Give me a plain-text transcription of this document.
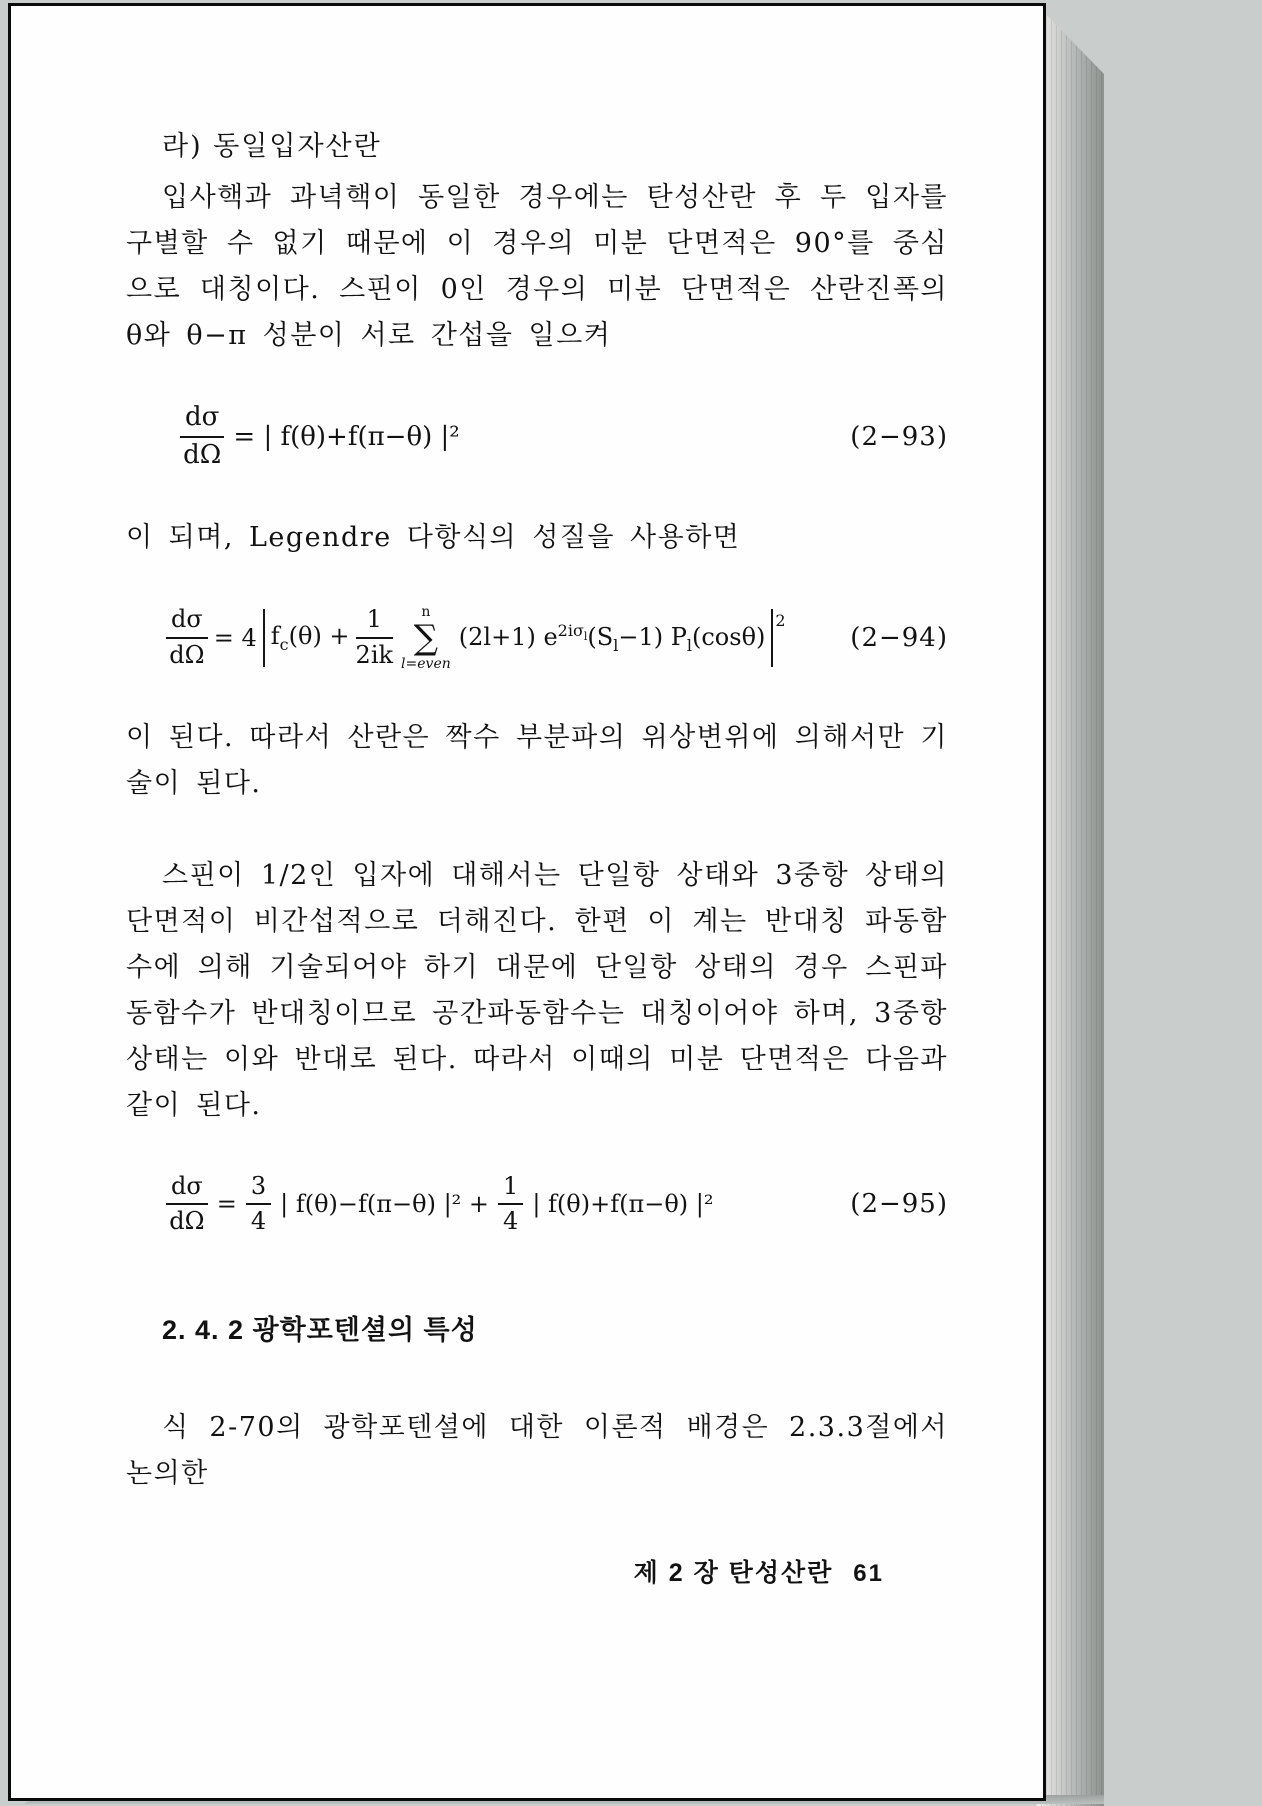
라) 동일입자산란

입사핵과 과녁핵이 동일한 경우에는 탄성산란 후 두 입자를 구별할 수 없기 때문에 이 경우의 미분 단면적은 90°를 중심으로 대칭이다. 스핀이 0인 경우의 미분 단면적은 산란진폭의 θ와 θ−π 성분이 서로 간섭을 일으켜

$\frac{d\sigma}{d\Omega}$ = | f(θ)+f(π−θ) |²	(2−93)

이 되며, Legendre 다항식의 성질을 사용하면

$\frac{d\sigma}{d\Omega} = 4$ $f_c(\theta) + \frac{1}{2ik}$ n
∑
l=even
(2l+1) $e^{2i\sigma_l}(S_l-1)$ $P_l(\cos\theta)$
2
(2−94)

이 된다. 따라서 산란은 짝수 부분파의 위상변위에 의해서만 기술이 된다.

스핀이 1/2인 입자에 대해서는 단일항 상태와 3중항 상태의 단면적이 비간섭적으로 더해진다. 한편 이 계는 반대칭 파동함수에 의해 기술되어야 하기 대문에 단일항 상태의 경우 스핀파동함수가 반대칭이므로 공간파동함수는 대칭이어야 하며, 3중항 상태는 이와 반대로 된다. 따라서 이때의 미분 단면적은 다음과 같이 된다.

$\frac{d\sigma}{d\Omega} = \frac{3}{4}$ | f(θ)−f(π−θ) $|^2 + \frac{1}{4}$ | f(θ)+f(π−θ) |²	(2−95)
2. 4. 2 광학포텐셜의 특성

식 2-70의 광학포텐셜에 대한 이론적 배경은 2.3.3절에서 논의한

제 2 장 탄성산란 61
